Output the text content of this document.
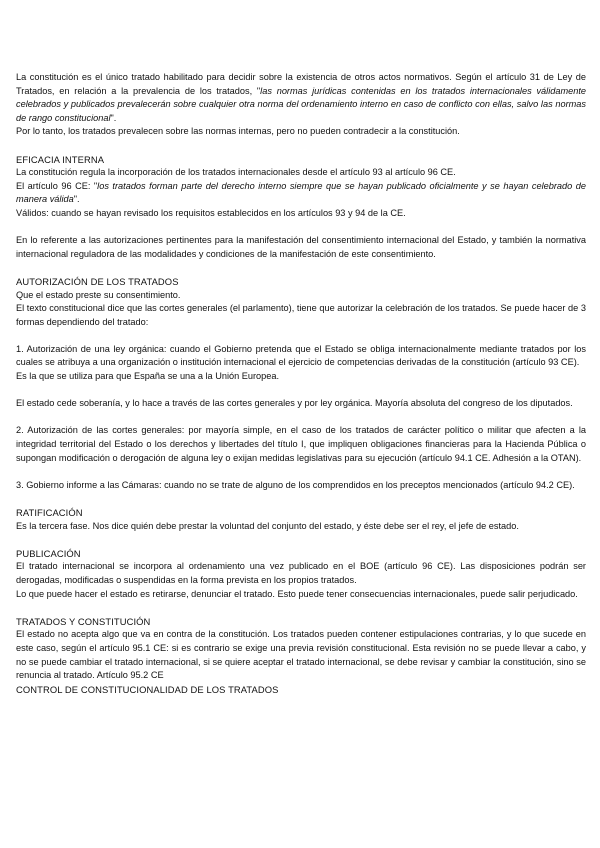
La constitución es el único tratado habilitado para decidir sobre la existencia de otros actos normativos. Según el artículo 31 de Ley de Tratados, en relación a la prevalencia de los tratados, "las normas jurídicas contenidas en los tratados internacionales válidamente celebrados y publicados prevalecerán sobre cualquier otra norma del ordenamiento interno en caso de conflicto con ellas, salvo las normas de rango constitucional".

Por lo tanto, los tratados prevalecen sobre las normas internas, pero no pueden contradecir a la constitución.

EFICACIA INTERNA

La constitución regula la incorporación de los tratados internacionales desde el artículo 93 al artículo 96 CE.

El artículo 96 CE: "los tratados forman parte del derecho interno siempre que se hayan publicado oficialmente y se hayan celebrado de manera válida".

Válidos: cuando se hayan revisado los requisitos establecidos en los artículos 93 y 94 de la CE.

En lo referente a las autorizaciones pertinentes para la manifestación del consentimiento internacional del Estado, y también la normativa internacional reguladora de las modalidades y condiciones de la manifestación de este consentimiento.

AUTORIZACIÓN DE LOS TRATADOS

Que el estado preste su consentimiento.

El texto constitucional dice que las cortes generales (el parlamento), tiene que autorizar la celebración de los tratados. Se puede hacer de 3 formas dependiendo del tratado:

1. Autorización de una ley orgánica: cuando el Gobierno pretenda que el Estado se obliga internacionalmente mediante tratados por los cuales se atribuya a una organización o institución internacional el ejercicio de competencias derivadas de la constitución (artículo 93 CE).

Es la que se utiliza para que España se una a la Unión Europea.

El estado cede soberanía, y lo hace a través de las cortes generales y por ley orgánica. Mayoría absoluta del congreso de los diputados.

2. Autorización de las cortes generales: por mayoría simple, en el caso de los tratados de carácter político o militar que afecten a la integridad territorial del Estado o los derechos y libertades del título I, que impliquen obligaciones financieras para la Hacienda Pública o supongan modificación o derogación de alguna ley o exijan medidas legislativas para su ejecución (artículo 94.1 CE. Adhesión a la OTAN).

3. Gobierno informe a las Cámaras: cuando no se trate de alguno de los comprendidos en los preceptos mencionados (artículo 94.2 CE).

RATIFICACIÓN

Es la tercera fase. Nos dice quién debe prestar la voluntad del conjunto del estado, y éste debe ser el rey, el jefe de estado.

PUBLICACIÓN

El tratado internacional se incorpora al ordenamiento una vez publicado en el BOE (artículo 96 CE). Las disposiciones podrán ser derogadas, modificadas o suspendidas en la forma prevista en los propios tratados.

Lo que puede hacer el estado es retirarse, denunciar el tratado. Esto puede tener consecuencias internacionales, puede salir perjudicado.

TRATADOS Y CONSTITUCIÓN

El estado no acepta algo que va en contra de la constitución. Los tratados pueden contener estipulaciones contrarias, y lo que sucede en este caso, según el artículo 95.1 CE: si es contrario se exige una previa revisión constitucional. Esta revisión no se puede llevar a cabo, y no se puede cambiar el tratado internacional, si se quiere aceptar el tratado internacional, se debe revisar y cambiar la constitución, sino se renuncia al tratado. Artículo 95.2 CE

CONTROL DE CONSTITUCIONALIDAD DE LOS TRATADOS
